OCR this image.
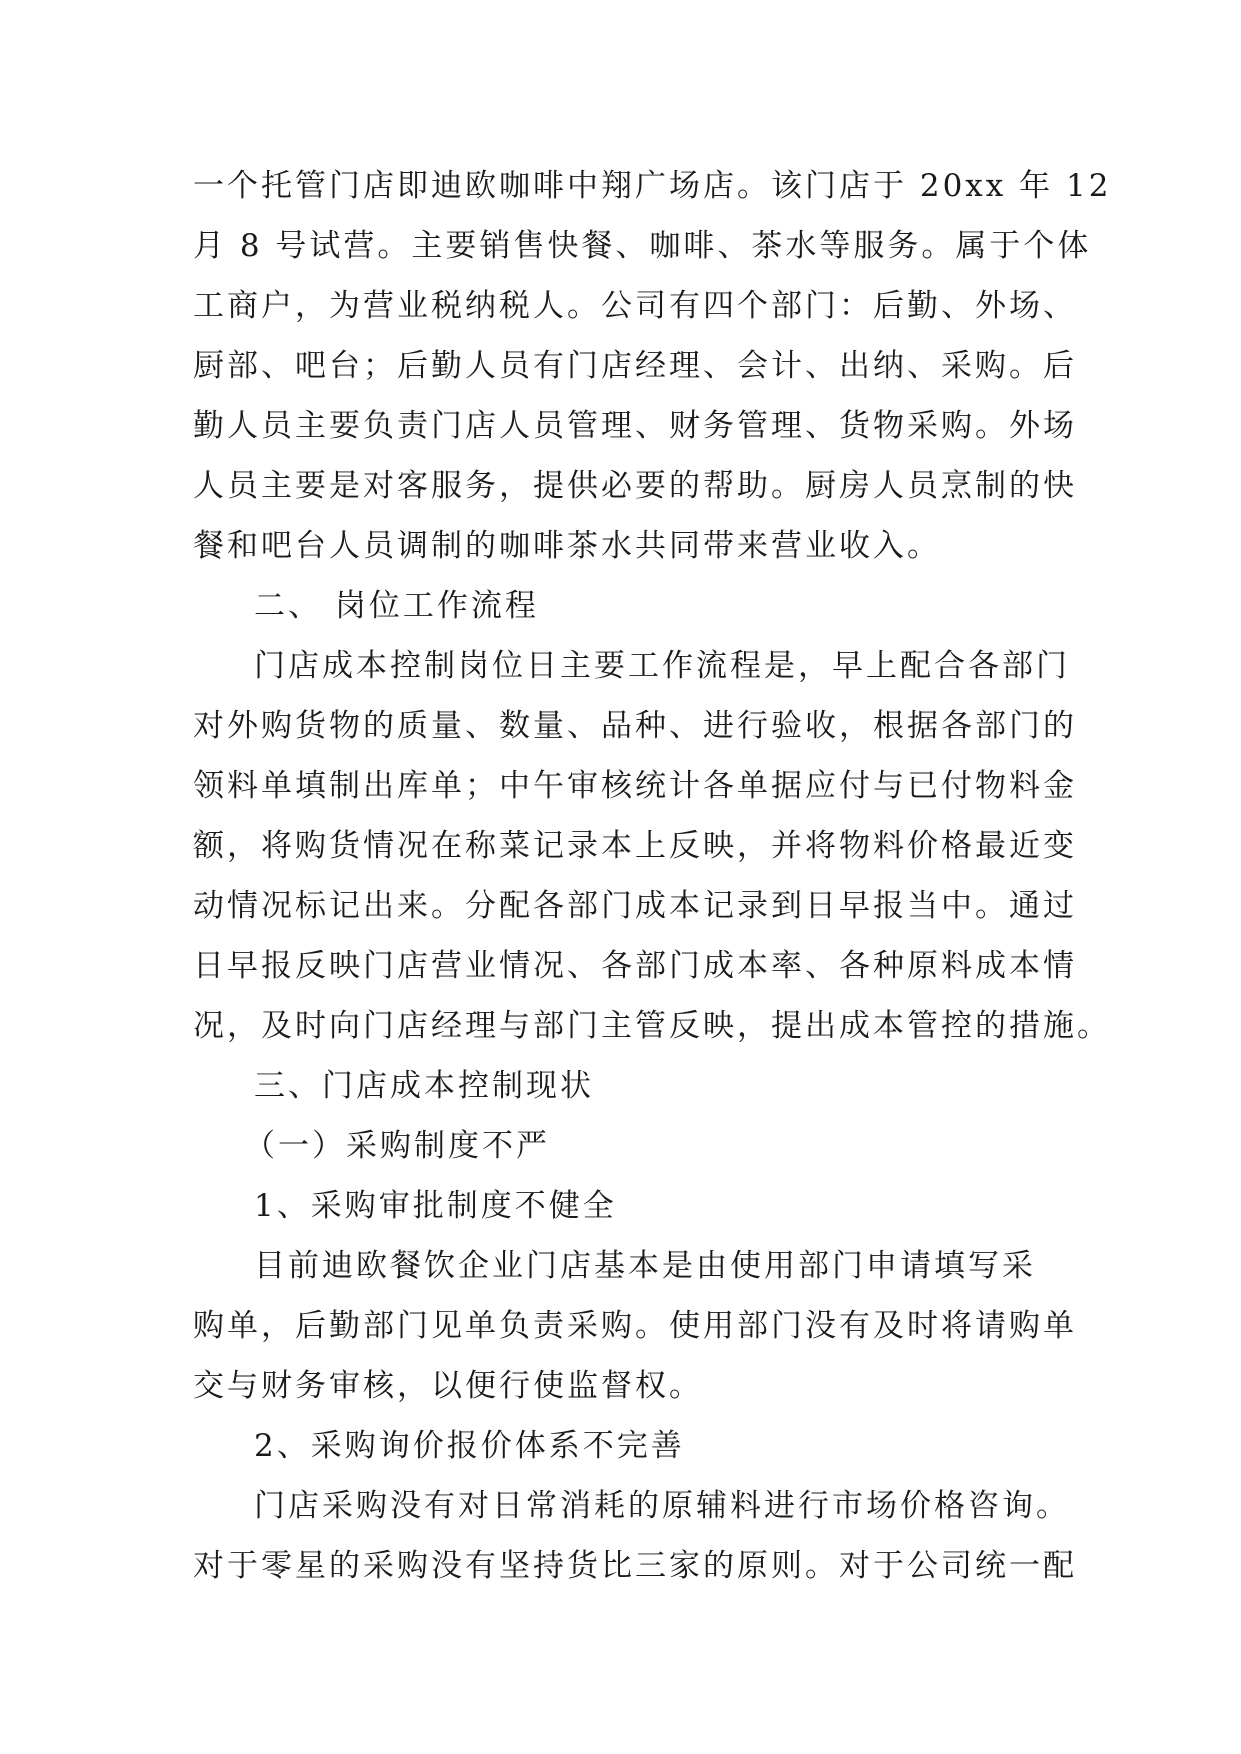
一个托管门店即迪欧咖啡中翔广场店。该门店于 20xx 年 12
月 8 号试营。主要销售快餐、咖啡、茶水等服务。属于个体
工商户，为营业税纳税人。公司有四个部门：后勤、外场、
厨部、吧台；后勤人员有门店经理、会计、出纳、采购。后
勤人员主要负责门店人员管理、财务管理、货物采购。外场
人员主要是对客服务，提供必要的帮助。厨房人员烹制的快
餐和吧台人员调制的咖啡茶水共同带来营业收入。
二、 岗位工作流程
门店成本控制岗位日主要工作流程是，早上配合各部门
对外购货物的质量、数量、品种、进行验收，根据各部门的
领料单填制出库单；中午审核统计各单据应付与已付物料金
额，将购货情况在称菜记录本上反映，并将物料价格最近变
动情况标记出来。分配各部门成本记录到日早报当中。通过
日早报反映门店营业情况、各部门成本率、各种原料成本情
况，及时向门店经理与部门主管反映，提出成本管控的措施。
三、门店成本控制现状
（一）采购制度不严
1、采购审批制度不健全
目前迪欧餐饮企业门店基本是由使用部门申请填写采
购单，后勤部门见单负责采购。使用部门没有及时将请购单
交与财务审核，以便行使监督权。
2、采购询价报价体系不完善
门店采购没有对日常消耗的原辅料进行市场价格咨询。
对于零星的采购没有坚持货比三家的原则。对于公司统一配
